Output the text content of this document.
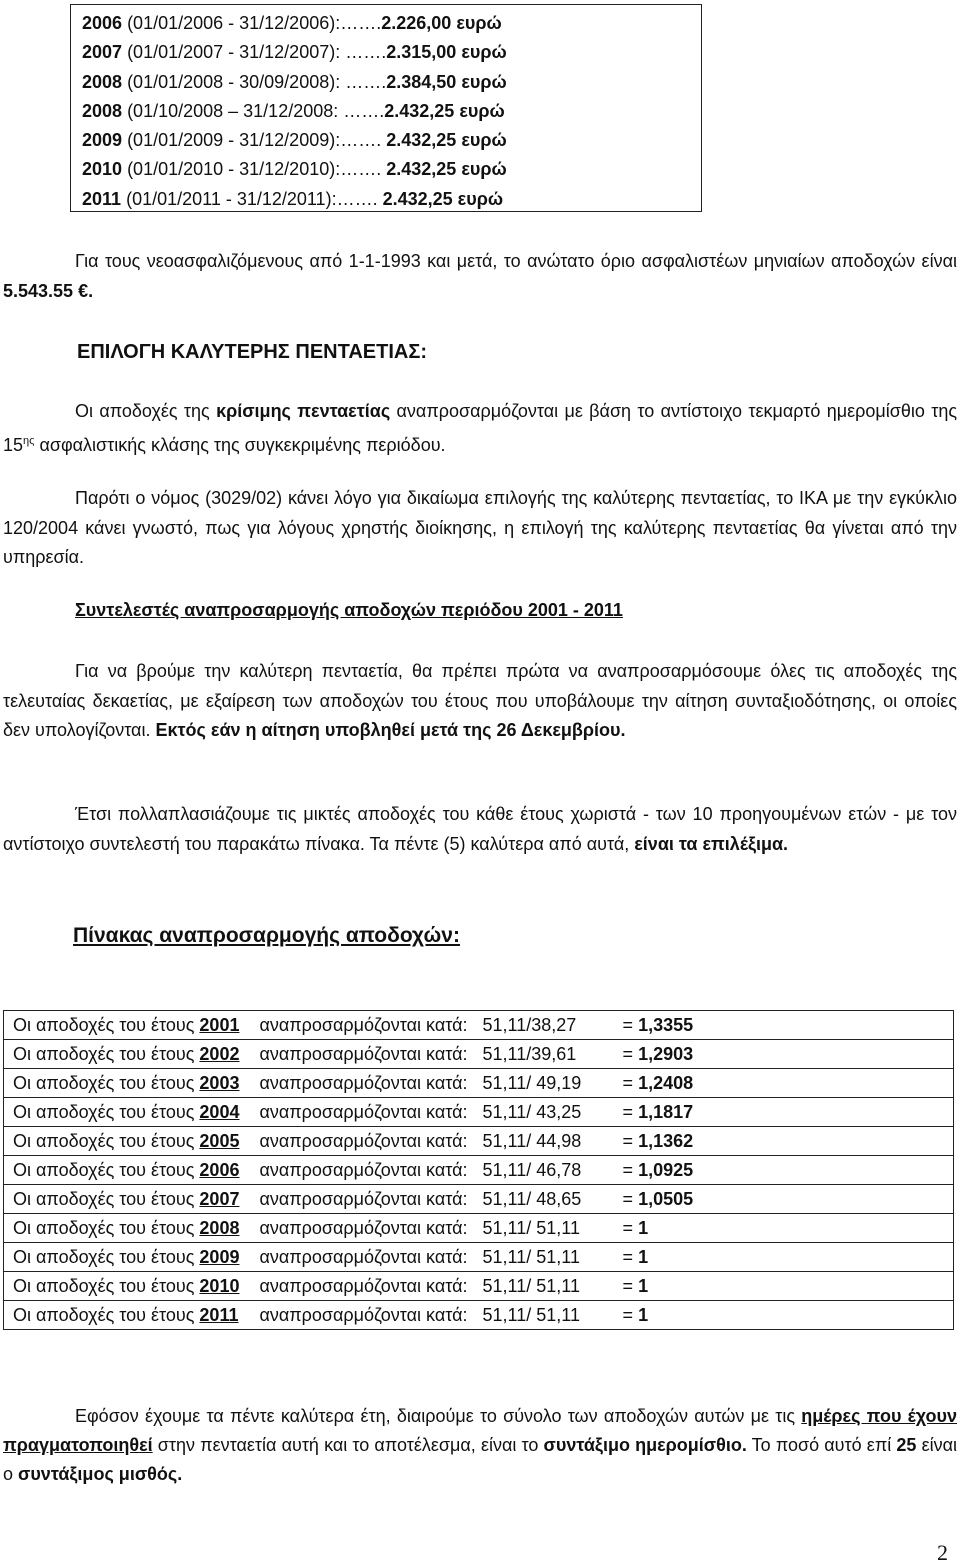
2006 (01/01/2006 - 31/12/2006):…….2.226,00 ευρώ
2007 (01/01/2007 - 31/12/2007): …….2.315,00 ευρώ
2008 (01/01/2008 - 30/09/2008): …….2.384,50 ευρώ
2008 (01/10/2008 – 31/12/2008: …….2.432,25 ευρώ
2009 (01/01/2009 - 31/12/2009):……. 2.432,25 ευρώ
2010 (01/01/2010 - 31/12/2010):……. 2.432,25 ευρώ
2011 (01/01/2011 - 31/12/2011):……. 2.432,25 ευρώ
Για τους νεοασφαλιζόμενους από 1-1-1993 και μετά, το ανώτατο όριο ασφαλιστέων μηνιαίων αποδοχών είναι 5.543.55 €.
ΕΠΙΛΟΓΗ ΚΑΛΥΤΕΡΗΣ ΠΕΝΤΑΕΤΙΑΣ:
Οι αποδοχές της κρίσιμης πενταετίας αναπροσαρμόζονται με βάση το αντίστοιχο τεκμαρτό ημερομίσθιο της $15^{\eta\varsigma}$ ασφαλιστικής κλάσης της συγκεκριμένης περιόδου.
Παρότι ο νόμος (3029/02) κάνει λόγο για δικαίωμα επιλογής της καλύτερης πενταετίας, το ΙΚΑ με την εγκύκλιο 120/2004 κάνει γνωστό, πως για λόγους χρηστής διοίκησης, η επιλογή της καλύτερης πενταετίας θα γίνεται από την υπηρεσία.
Συντελεστές αναπροσαρμογής αποδοχών περιόδου 2001 - 2011
Για να βρούμε την καλύτερη πενταετία, θα πρέπει πρώτα να αναπροσαρμόσουμε όλες τις αποδοχές της τελευταίας δεκαετίας, με εξαίρεση των αποδοχών του έτους που υποβάλουμε την αίτηση συνταξιοδότησης, οι οποίες δεν υπολογίζονται. Εκτός εάν η αίτηση υποβληθεί μετά της 26 Δεκεμβρίου.
Έτσι πολλαπλασιάζουμε τις μικτές αποδοχές του κάθε έτους χωριστά - των 10 προηγουμένων ετών - με τον αντίστοιχο συντελεστή του παρακάτω πίνακα. Τα πέντε (5) καλύτερα από αυτά, είναι τα επιλέξιμα.
Πίνακας αναπροσαρμογής αποδοχών:
Οι αποδοχές του έτους 2001 αναπροσαρμόζονται κατά: 51,11/38,27	= 1,3355
Οι αποδοχές του έτους 2002 αναπροσαρμόζονται κατά: 51,11/39,61	= 1,2903
Οι αποδοχές του έτους 2003 αναπροσαρμόζονται κατά: 51,11/ 49,19 = 1,2408
Οι αποδοχές του έτους 2004 αναπροσαρμόζονται κατά: 51,11/ 43,25 = 1,1817
Οι αποδοχές του έτους 2005 αναπροσαρμόζονται κατά: 51,11/ 44,98 = 1,1362
Οι αποδοχές του έτους 2006 αναπροσαρμόζονται κατά: 51,11/ 46,78 = 1,0925
Οι αποδοχές του έτους 2007 αναπροσαρμόζονται κατά: 51,11/ 48,65 = 1,0505
Οι αποδοχές του έτους 2008 αναπροσαρμόζονται κατά: 51,11/ 51,11 = 1
Οι αποδοχές του έτους 2009 αναπροσαρμόζονται κατά: 51,11/ 51,11 = 1
Οι αποδοχές του έτους 2010 αναπροσαρμόζονται κατά: 51,11/ 51,11 = 1
Οι αποδοχές του έτους 2011 αναπροσαρμόζονται κατά: 51,11/ 51,11 = 1
Εφόσον έχουμε τα πέντε καλύτερα έτη, διαιρούμε το σύνολο των αποδοχών αυτών με τις ημέρες που έχουν πραγματοποιηθεί στην πενταετία αυτή και το αποτέλεσμα, είναι το συντάξιμο ημερομίσθιο. Το ποσό αυτό επί 25 είναι ο συντάξιμος μισθός.
2
